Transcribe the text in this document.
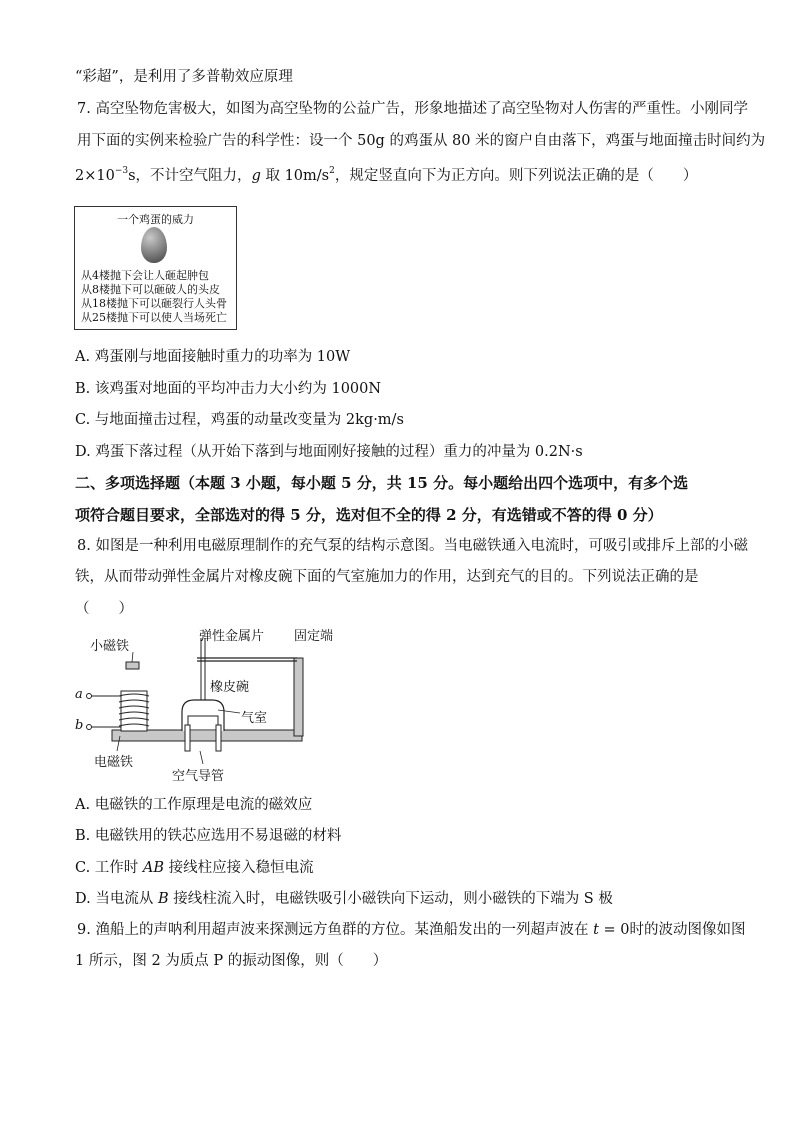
“彩超”，是利用了多普勒效应原理
7. 高空坠物危害极大，如图为高空坠物的公益广告，形象地描述了高空坠物对人伤害的严重性。小刚同学
用下面的实例来检验广告的科学性：设一个 50g 的鸡蛋从 80 米的窗户自由落下，鸡蛋与地面撞击时间约为
$2\times 10^{-3}s$，不计空气阻力，g 取 $10m/s^2$，规定竖直向下为正方向。则下列说法正确的是（　　）
一个鸡蛋的威力
从4楼抛下会让人砸起肿包
从8楼抛下可以砸破人的头皮
从18楼抛下可以砸裂行人头骨
从25楼抛下可以使人当场死亡
A. 鸡蛋刚与地面接触时重力的功率为 10W
B. 该鸡蛋对地面的平均冲击力大小约为 1000N
C. 与地面撞击过程，鸡蛋的动量改变量为 2kg·m/s
D. 鸡蛋下落过程（从开始下落到与地面刚好接触的过程）重力的冲量为 0.2N·s
二、多项选择题（本题 3 小题，每小题 5 分，共 15 分。每小题给出四个选项中，有多个选
项符合题目要求，全部选对的得 5 分，选对但不全的得 2 分，有选错或不答的得 0 分）
8. 如图是一种利用电磁原理制作的充气泵的结构示意图。当电磁铁通入电流时，可吸引或排斥上部的小磁
铁，从而带动弹性金属片对橡皮碗下面的气室施加力的作用，达到充气的目的。下列说法正确的是
（　　）
小磁铁
弹性金属片 固定端
橡皮碗
气室
a
b
电磁铁
空气导管
A. 电磁铁的工作原理是电流的磁效应
B. 电磁铁用的铁芯应选用不易退磁的材料
C. 工作时 AB 接线柱应接入稳恒电流
D. 当电流从 B 接线柱流入时，电磁铁吸引小磁铁向下运动，则小磁铁的下端为 S 极
9. 渔船上的声呐利用超声波来探测远方鱼群的方位。某渔船发出的一列超声波在 t = 0时的波动图像如图
1 所示，图 2 为质点 P 的振动图像，则（　　）
